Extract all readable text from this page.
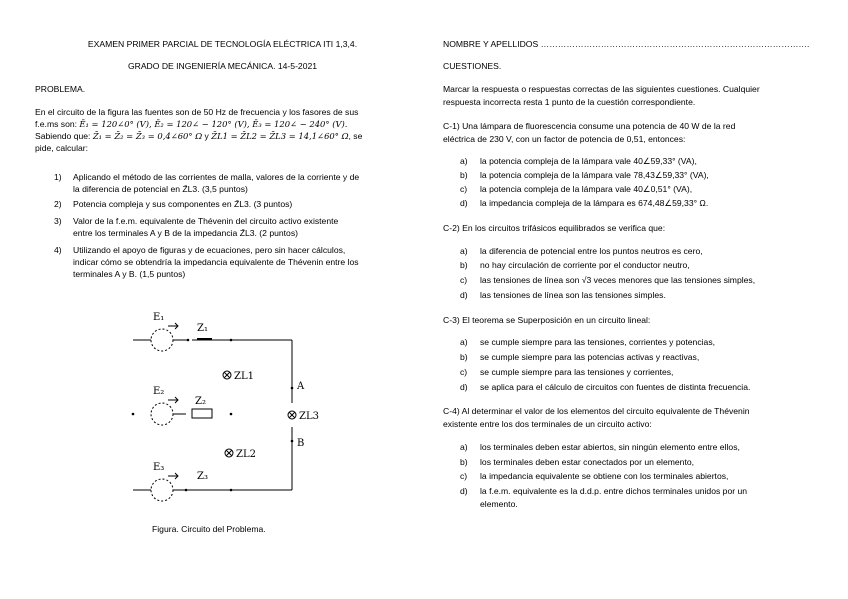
EXAMEN PRIMER PARCIAL DE TECNOLOGÍA ELÉCTRICA ITI 1,3,4.
GRADO DE INGENIERÍA MECÁNICA. 14-5-2021
PROBLEMA.
En el circuito de la figura las fuentes son de 50 Hz de frecuencia y los fasores de sus
f.e.ms son: Ē₁ = 120∠0° (V), Ē₂ = 120∠ − 120° (V), Ē₃ = 120∠ − 240° (V).
Sabiendo que: Z̄₁ = Z̄₂ = Z̄₃ = 0,4∠60° Ω y Z̄L1 = Z̄L2 = Z̄L3 = 14,1∠60° Ω, se
pide, calcular:
1) Aplicando el método de las corrientes de malla, valores de la corriente y de
la diferencia de potencial en Z̄L3. (3,5 puntos)
2) Potencia compleja y sus componentes en Z̄L3. (3 puntos)
3) Valor de la f.e.m. equivalente de Thévenin del circuito activo existente
entre los terminales A y B de la impedancia Z̄L3. (2 puntos)
4) Utilizando el apoyo de figuras y de ecuaciones, pero sin hacer cálculos,
indicar cómo se obtendría la impedancia equivalente de Thévenin entre los
terminales A y B. (1,5 puntos)
E₁
E₂
E₃
Z₁
Z₂
Z₃
ZL1
ZL2
ZL3
A
B
Figura. Circuito del Problema.
NOMBRE Y APELLIDOS ………………………………………………………………………………….
CUESTIONES.
Marcar la respuesta o respuestas correctas de las siguientes cuestiones. Cualquier
respuesta incorrecta resta 1 punto de la cuestión correspondiente.
C-1) Una lámpara de fluorescencia consume una potencia de 40 W de la red
eléctrica de 230 V, con un factor de potencia de 0,51, entonces:
a) la potencia compleja de la lámpara vale 40∠59,33° (VA),
b) la potencia compleja de la lámpara vale 78,43∠59,33° (VA),
c) la potencia compleja de la lámpara vale 40∠0,51° (VA),
d) la impedancia compleja de la lámpara es 674,48∠59,33° Ω.
C-2) En los circuitos trifásicos equilibrados se verifica que:
a) la diferencia de potencial entre los puntos neutros es cero,
b) no hay circulación de corriente por el conductor neutro,
c) las tensiones de línea son √3 veces menores que las tensiones simples,
d) las tensiones de línea son las tensiones simples.
C-3) El teorema se Superposición en un circuito lineal:
a) se cumple siempre para las tensiones, corrientes y potencias,
b) se cumple siempre para las potencias activas y reactivas,
c) se cumple siempre para las tensiones y corrientes,
d) se aplica para el cálculo de circuitos con fuentes de distinta frecuencia.
C-4) Al determinar el valor de los elementos del circuito equivalente de Thévenin
existente entre los dos terminales de un circuito activo:
a) los terminales deben estar abiertos, sin ningún elemento entre ellos,
b) los terminales deben estar conectados por un elemento,
c) la impedancia equivalente se obtiene con los terminales abiertos,
d) la f.e.m. equivalente es la d.d.p. entre dichos terminales unidos por un
elemento.
